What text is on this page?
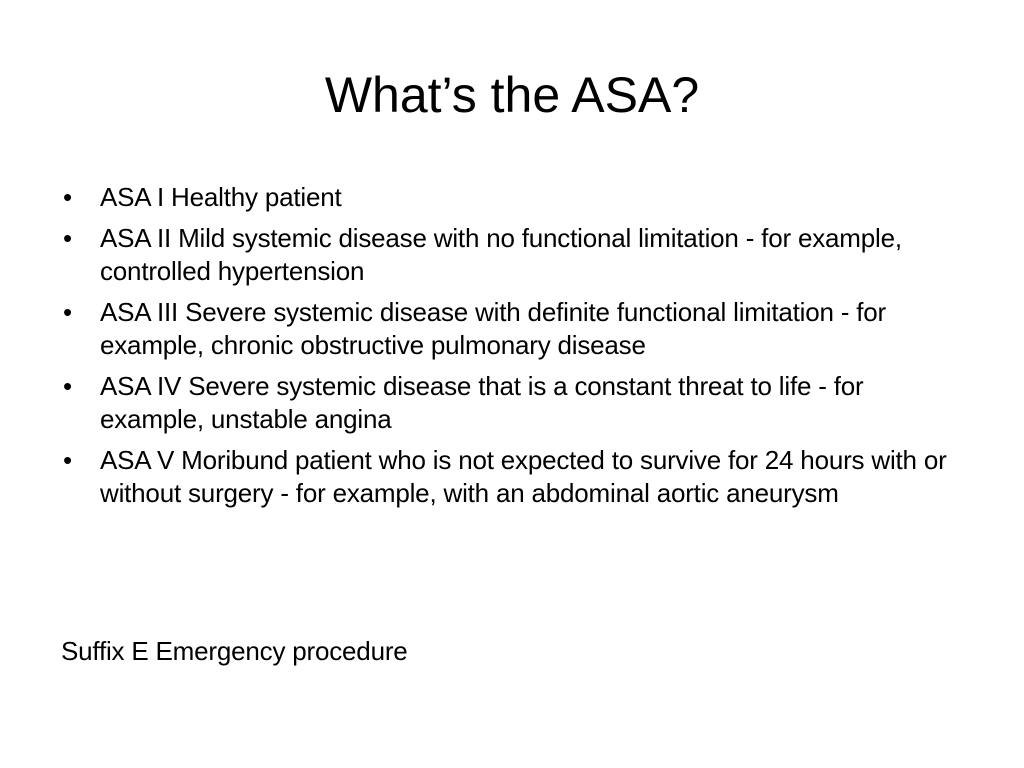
What’s the ASA?
•	ASA I Healthy patient
•	ASA II Mild systemic disease with no functional limitation - for example, controlled hypertension
•	ASA III Severe systemic disease with definite functional limitation - for example, chronic obstructive pulmonary disease
•	ASA IV Severe systemic disease that is a constant threat to life - for example, unstable angina
•	ASA V Moribund patient who is not expected to survive for 24 hours with or without surgery - for example, with an abdominal aortic aneurysm

Suffix E Emergency procedure
